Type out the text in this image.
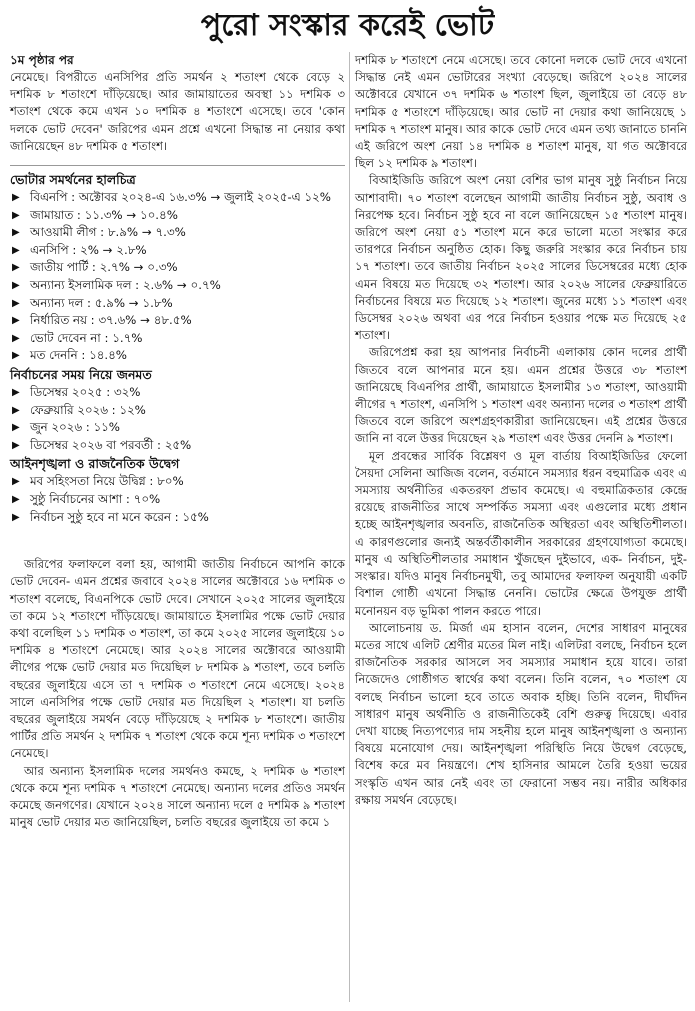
পুরো সংস্কার করেই ভোট
১ম পৃষ্ঠার পর

নেমেছে। বিপরীতে এনসিপির প্রতি সমর্থন ২ শতাংশ থেকে বেড়ে ২ দশমিক ৮ শতাংশে দাঁড়িয়েছে। আর জামায়াতের অবস্থা ১১ দশমিক ৩ শতাংশ থেকে কমে এখন ১০ দশমিক ৪ শতাংশে এসেছে। তবে 'কোন দলকে ভোট দেবেন' জরিপের এমন প্রশ্নে এখনো সিদ্ধান্ত না নেয়ার কথা জানিয়েছেন ৪৮ দশমিক ৫ শতাংশ।

ভোটার সমর্থনের হালচিত্র

▶ বিএনপি : অক্টোবর ২০২৪-এ ১৬.৩% → জুলাই ২০২৫-এ ১২%

▶ জামায়াত : ১১.৩% → ১০.৪%

▶ আওয়ামী লীগ : ৮.৯% → ৭.৩%

▶ এনসিপি : ২% → ২.৮%

▶ জাতীয় পার্টি : ২.৭% → ০.৩%

▶ অন্যান্য ইসলামিক দল : ২.৬% → ০.৭%

▶ অন্যান্য দল : ৫.৯% → ১.৮%

▶ নির্ধারিত নয় : ৩৭.৬% → ৪৮.৫%

▶ ভোট দেবেন না : ১.৭%

▶ মত দেননি : ১৪.৪%

নির্বাচনের সময় নিয়ে জনমত

▶ ডিসেম্বর ২০২৫ : ৩২%

▶ ফেব্রুয়ারি ২০২৬ : ১২%

▶ জুন ২০২৬ : ১১%

▶ ডিসেম্বর ২০২৬ বা পরবর্তী : ২৫%

আইনশৃঙ্খলা ও রাজনৈতিক উদ্বেগ

▶ মব সহিংসতা নিয়ে উদ্বিগ্ন : ৮০%

▶ সুষ্ঠু নির্বাচনের আশা : ৭০%

▶ নির্বাচন সুষ্ঠু হবে না মনে করেন : ১৫%

জরিপের ফলাফলে বলা হয়, আগামী জাতীয় নির্বাচনে আপনি কাকে ভোট দেবেন- এমন প্রশ্নের জবাবে ২০২৪ সালের অক্টোবরে ১৬ দশমিক ৩ শতাংশ বলেছে, বিএনপিকে ভোট দেবে। সেখানে ২০২৫ সালের জুলাইয়ে তা কমে ১২ শতাংশে দাঁড়িয়েছে। জামায়াতে ইসলামির পক্ষে ভোট দেয়ার কথা বলেছিল ১১ দশমিক ৩ শতাংশ, তা কমে ২০২৫ সালের জুলাইয়ে ১০ দশমিক ৪ শতাংশে নেমেছে। আর ২০২৪ সালের অক্টোবরে আওয়ামী লীগের পক্ষে ভোট দেয়ার মত দিয়েছিল ৮ দশমিক ৯ শতাংশ, তবে চলতি বছরের জুলাইয়ে এসে তা ৭ দশমিক ৩ শতাংশে নেমে এসেছে। ২০২৪ সালে এনসিপির পক্ষে ভোট দেয়ার মত দিয়েছিল ২ শতাংশ। যা চলতি বছরের জুলাইয়ে সমর্থন বেড়ে দাঁড়িয়েছে ২ দশমিক ৮ শতাংশে। জাতীয় পার্টির প্রতি সমর্থন ২ দশমিক ৭ শতাংশ থেকে কমে শূন্য দশমিক ৩ শতাংশে নেমেছে।

আর অন্যান্য ইসলামিক দলের সমর্থনও কমছে, ২ দশমিক ৬ শতাংশ থেকে কমে শূন্য দশমিক ৭ শতাংশে নেমেছে। অন্যান্য দলের প্রতিও সমর্থন কমেছে জনগণের। যেখানে ২০২৪ সালে অন্যান্য দলে ৫ দশমিক ৯ শতাংশ মানুষ ভোট দেয়ার মত জানিয়েছিল, চলতি বছরের জুলাইয়ে তা কমে ১

দশমিক ৮ শতাংশে নেমে এসেছে। তবে কোনো দলকে ভোট দেবে এখনো সিদ্ধান্ত নেই এমন ভোটারের সংখ্যা বেড়েছে। জরিপে ২০২৪ সালের অক্টোবরে যেখানে ৩৭ দশমিক ৬ শতাংশ ছিল, জুলাইয়ে তা বেড়ে ৪৮ দশমিক ৫ শতাংশে দাঁড়িয়েছে। আর ভোট না দেয়ার কথা জানিয়েছে ১ দশমিক ৭ শতাংশ মানুষ। আর কাকে ভোট দেবে এমন তথ্য জানাতে চাননি এই জরিপে অংশ নেয়া ১৪ দশমিক ৪ শতাংশ মানুষ, যা গত অক্টোবরে ছিল ১২ দশমিক ৯ শতাংশ।

বিআইজিডি জরিপে অংশ নেয়া বেশির ভাগ মানুষ সুষ্ঠু নির্বাচন নিয়ে আশাবাদী। ৭০ শতাংশ বলেছেন আগামী জাতীয় নির্বাচন সুষ্ঠু, অবাধ ও নিরপেক্ষ হবে। নির্বাচন সুষ্ঠু হবে না বলে জানিয়েছেন ১৫ শতাংশ মানুষ। জরিপে অংশ নেয়া ৫১ শতাংশ মনে করে ভালো মতো সংস্কার করে তারপরে নির্বাচন অনুষ্ঠিত হোক। কিছু জরুরি সংস্কার করে নির্বাচন চায় ১৭ শতাংশ। তবে জাতীয় নির্বাচন ২০২৫ সালের ডিসেম্বরের মধ্যে হোক এমন বিষয়ে মত দিয়েছে ৩২ শতাংশ। আর ২০২৬ সালের ফেব্রুয়ারিতে নির্বাচনের বিষয়ে মত দিয়েছে ১২ শতাংশ। জুনের মধ্যে ১১ শতাংশ এবং ডিসেম্বর ২০২৬ অথবা এর পরে নির্বাচন হওয়ার পক্ষে মত দিয়েছে ২৫ শতাংশ।

জরিপেপ্রশ্ন করা হয় আপনার নির্বাচনী এলাকায় কোন দলের প্রার্থী জিতবে বলে আপনার মনে হয়। এমন প্রশ্নের উত্তরে ৩৮ শতাংশ জানিয়েছে বিএনপির প্রার্থী, জামায়াতে ইসলামীর ১৩ শতাংশ, আওয়ামী লীগের ৭ শতাংশ, এনসিপি ১ শতাংশ এবং অন্যান্য দলের ৩ শতাংশ প্রার্থী জিতবে বলে জরিপে অংশগ্রহণকারীরা জানিয়েছেন। এই প্রশ্নের উত্তরে জানি না বলে উত্তর দিয়েছেন ২৯ শতাংশ এবং উত্তর দেননি ৯ শতাংশ।

মূল প্রবন্ধের সার্বিক বিশ্লেষণ ও মূল বার্তায় বিআইজিডির ফেলো সৈয়দা সেলিনা আজিজ বলেন, বর্তমানে সমস্যার ধরন বহুমাত্রিক এবং এ সমস্যায় অর্থনীতির একতরফা প্রভাব কমেছে। এ বহুমাত্রিকতার কেন্দ্রে রয়েছে রাজনীতির সাথে সম্পর্কিত সমস্যা এবং এগুলোর মধ্যে প্রধান হচ্ছে আইনশৃঙ্খলার অবনতি, রাজনৈতিক অস্থিরতা এবং অস্থিতিশীলতা। এ কারণগুলোর জন্যই অন্তর্বর্তীকালীন সরকারের গ্রহণযোগ্যতা কমেছে। মানুষ এ অস্থিতিশীলতার সমাধান খুঁজছেন দুইভাবে, এক- নির্বাচন, দুই- সংস্কার। যদিও মানুষ নির্বাচনমুখী, তবু আমাদের ফলাফল অনুযায়ী একটি বিশাল গোষ্ঠী এখনো সিদ্ধান্ত নেননি। ভোটের ক্ষেত্রে উপযুক্ত প্রার্থী মনোনয়ন বড় ভূমিকা পালন করতে পারে।

আলোচনায় ড. মির্জা এম হাসান বলেন, দেশের সাধারণ মানুষের মতের সাথে এলিট শ্রেণীর মতের মিল নাই। এলিটরা বলছে, নির্বাচন হলে রাজনৈতিক সরকার আসলে সব সমস্যার সমাধান হয়ে যাবে। তারা নিজেদেও গোষ্ঠীগত স্বার্থের কথা বলেন। তিনি বলেন, ৭০ শতাংশ যে বলছে নির্বাচন ভালো হবে তাতে অবাক হচ্ছি। তিনি বলেন, দীর্ঘদিন সাধারণ মানুষ অর্থনীতি ও রাজনীতিকেই বেশি গুরুত্ব দিয়েছে। এবার দেখা যাচ্ছে নিত্যপণ্যের দাম সহনীয় হলে মানুষ আইনশৃঙ্খলা ও অন্যান্য বিষয়ে মনোযোগ দেয়। আইনশৃঙ্খলা পরিস্থিতি নিয়ে উদ্বেগ বেড়েছে, বিশেষ করে মব নিয়ন্ত্রণে। শেখ হাসিনার আমলে তৈরি হওয়া ভয়ের সংস্কৃতি এখন আর নেই এবং তা ফেরানো সম্ভব নয়। নারীর অধিকার রক্ষায় সমর্থন বেড়েছে।
